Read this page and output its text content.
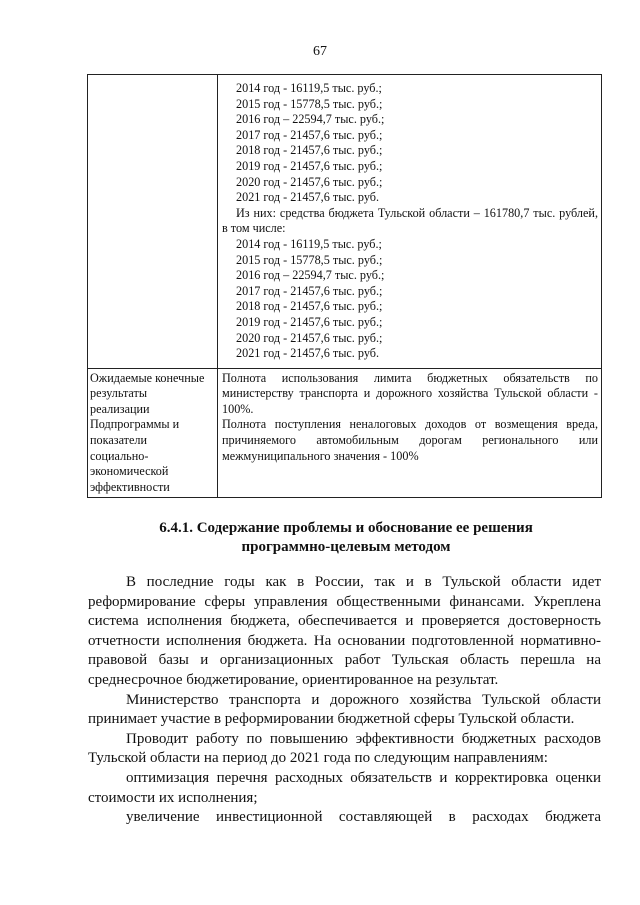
67
2014 год - 16119,5 тыс. руб.;
2015 год - 15778,5 тыс. руб.;
2016 год – 22594,7 тыс. руб.;
2017 год - 21457,6 тыс. руб.;
2018 год - 21457,6 тыс. руб.;
2019 год - 21457,6 тыс. руб.;
2020 год - 21457,6 тыс. руб.;
2021 год - 21457,6 тыс. руб.
Из них: средства бюджета Тульской области – 161780,7 тыс. рублей, в том числе:
2014 год - 16119,5 тыс. руб.;
2015 год - 15778,5 тыс. руб.;
2016 год – 22594,7 тыс. руб.;
2017 год - 21457,6 тыс. руб.;
2018 год - 21457,6 тыс. руб.;
2019 год - 21457,6 тыс. руб.;
2020 год - 21457,6 тыс. руб.;
2021 год - 21457,6 тыс. руб.
Ожидаемые конечные
результаты
реализации
Подпрограммы и
показатели
социально-
экономической
эффективности
Полнота использования лимита бюджетных обязательств по министерству транспорта и дорожного хозяйства Тульской области - 100%.
Полнота поступления неналоговых доходов от возмещения вреда, причиняемого автомобильным дорогам регионального или межмуниципального значения - 100%
6.4.1. Содержание проблемы и обоснование ее решения
программно-целевым методом

В последние годы как в России, так и в Тульской области идет реформирование сферы управления общественными финансами. Укреплена система исполнения бюджета, обеспечивается и проверяется достоверность отчетности исполнения бюджета. На основании подготовленной нормативно-правовой базы и организационных работ Тульская область перешла на среднесрочное бюджетирование, ориентированное на результат.

Министерство транспорта и дорожного хозяйства Тульской области принимает участие в реформировании бюджетной сферы Тульской области.

Проводит работу по повышению эффективности бюджетных расходов Тульской области на период до 2021 года по следующим направлениям:

оптимизация перечня расходных обязательств и корректировка оценки стоимости их исполнения;

увеличение инвестиционной составляющей в расходах бюджета
